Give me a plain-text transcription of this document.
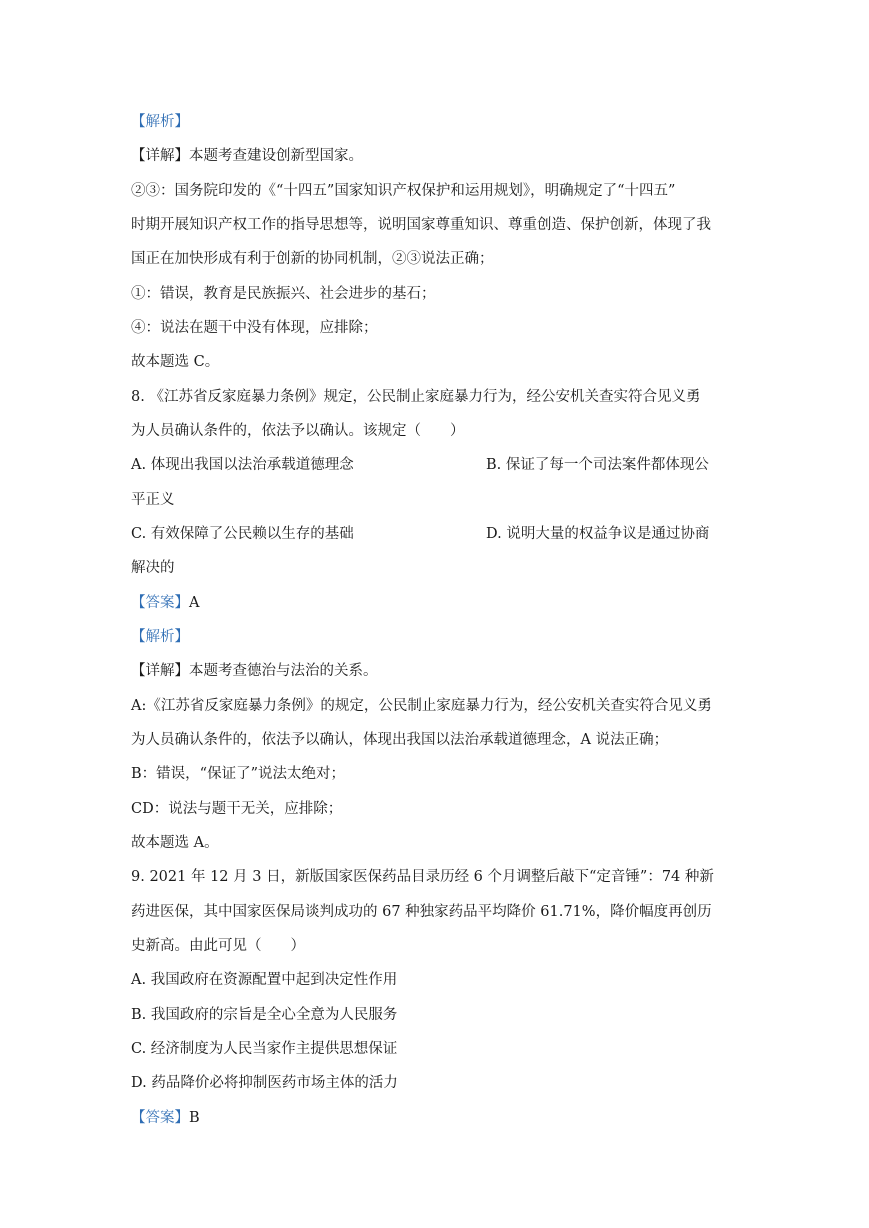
【解析】
【详解】本题考查建设创新型国家。
②③：国务院印发的《“十四五”国家知识产权保护和运用规划》，明确规定了“十四五”
时期开展知识产权工作的指导思想等，说明国家尊重知识、尊重创造、保护创新，体现了我
国正在加快形成有利于创新的协同机制，②③说法正确；
①：错误，教育是民族振兴、社会进步的基石；
④：说法在题干中没有体现，应排除；
故本题选 C。
8. 《江苏省反家庭暴力条例》规定，公民制止家庭暴力行为，经公安机关查实符合见义勇
为人员确认条件的，依法予以确认。该规定（　　）
A. 体现出我国以法治承载道德理念	B. 保证了每一个司法案件都体现公
平正义
C. 有效保障了公民赖以生存的基础	D. 说明大量的权益争议是通过协商
解决的
【答案】A
【解析】
【详解】本题考查德治与法治的关系。
A:《江苏省反家庭暴力条例》的规定，公民制止家庭暴力行为，经公安机关查实符合见义勇
为人员确认条件的，依法予以确认，体现出我国以法治承载道德理念，A 说法正确；
B：错误，“保证了”说法太绝对；
CD：说法与题干无关，应排除；
故本题选 A。
9. 2021 年 12 月 3 日，新版国家医保药品目录历经 6 个月调整后敲下“定音锤”：74 种新
药进医保，其中国家医保局谈判成功的 67 种独家药品平均降价 61.71%，降价幅度再创历
史新高。由此可见（　　）
A. 我国政府在资源配置中起到决定性作用
B. 我国政府的宗旨是全心全意为人民服务
C. 经济制度为人民当家作主提供思想保证
D. 药品降价必将抑制医药市场主体的活力
【答案】B
